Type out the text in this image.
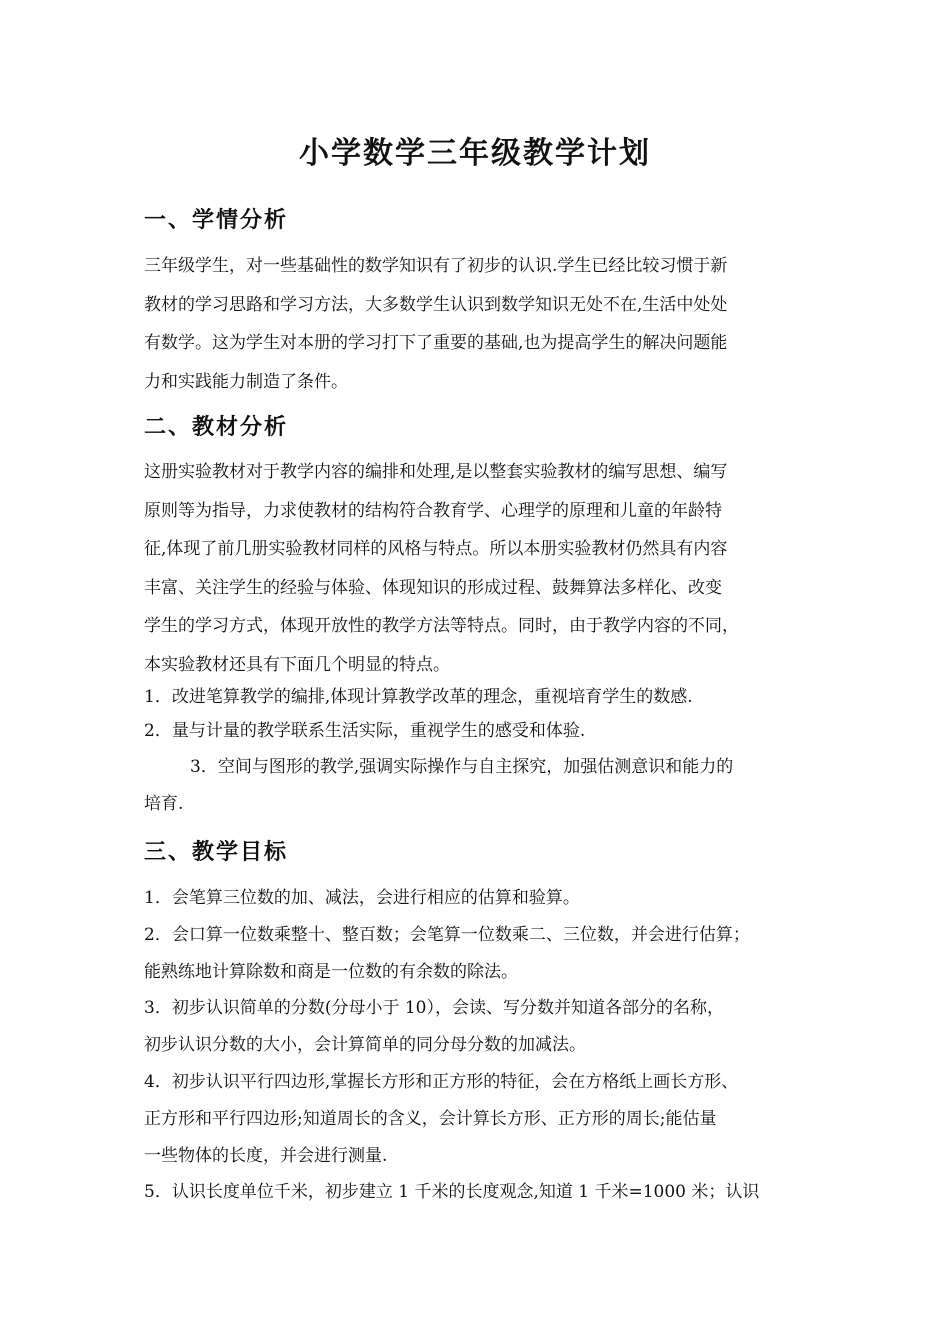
小学数学三年级教学计划
一、学情分析
三年级学生，对一些基础性的数学知识有了初步的认识.学生已经比较习惯于新
教材的学习思路和学习方法，大多数学生认识到数学知识无处不在,生活中处处
有数学。这为学生对本册的学习打下了重要的基础,也为提高学生的解决问题能
力和实践能力制造了条件。
二、教材分析
这册实验教材对于教学内容的编排和处理,是以整套实验教材的编写思想、编写
原则等为指导，力求使教材的结构符合教育学、心理学的原理和儿童的年龄特
征,体现了前几册实验教材同样的风格与特点。所以本册实验教材仍然具有内容
丰富、关注学生的经验与体验、体现知识的形成过程、鼓舞算法多样化、改变
学生的学习方式，体现开放性的教学方法等特点。同时，由于教学内容的不同，
本实验教材还具有下面几个明显的特点。
1．改进笔算教学的编排,体现计算教学改革的理念，重视培育学生的数感.
2．量与计量的教学联系生活实际，重视学生的感受和体验.
3．空间与图形的教学,强调实际操作与自主探究，加强估测意识和能力的
培育.
三、教学目标
1．会笔算三位数的加、减法，会进行相应的估算和验算。
2．会口算一位数乘整十、整百数；会笔算一位数乘二、三位数，并会进行估算；
能熟练地计算除数和商是一位数的有余数的除法。
3．初步认识简单的分数(分母小于 10），会读、写分数并知道各部分的名称，
初步认识分数的大小，会计算简单的同分母分数的加减法。
4．初步认识平行四边形,掌握长方形和正方形的特征，会在方格纸上画长方形、
正方形和平行四边形;知道周长的含义，会计算长方形、正方形的周长;能估量
一些物体的长度，并会进行测量.
5．认识长度单位千米，初步建立 1 千米的长度观念,知道 1 千米=1000 米；认识
